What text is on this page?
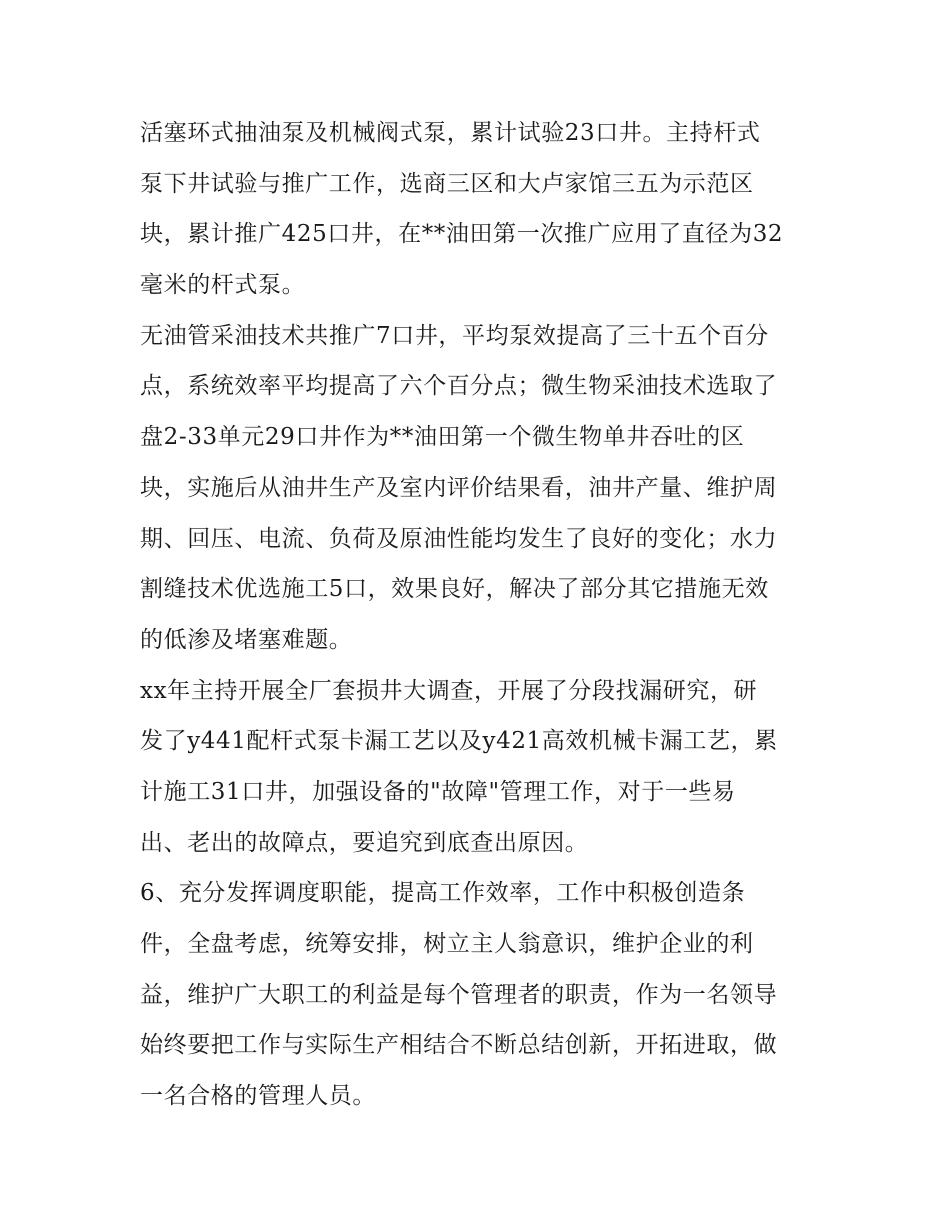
活塞环式抽油泵及机械阀式泵，累计试验23口井。主持杆式

泵下井试验与推广工作，选商三区和大卢家馆三五为示范区

块，累计推广425口井，在**油田第一次推广应用了直径为32

毫米的杆式泵。

无油管采油技术共推广7口井，平均泵效提高了三十五个百分

点，系统效率平均提高了六个百分点；微生物采油技术选取了

盘2-33单元29口井作为**油田第一个微生物单井吞吐的区

块，实施后从油井生产及室内评价结果看，油井产量、维护周

期、回压、电流、负荷及原油性能均发生了良好的变化；水力

割缝技术优选施工5口，效果良好，解决了部分其它措施无效

的低渗及堵塞难题。

xx年主持开展全厂套损井大调查，开展了分段找漏研究，研

发了y441配杆式泵卡漏工艺以及y421高效机械卡漏工艺，累

计施工31口井，加强设备的"故障"管理工作，对于一些易

出、老出的故障点，要追究到底查出原因。

6、充分发挥调度职能，提高工作效率，工作中积极创造条

件，全盘考虑，统筹安排，树立主人翁意识，维护企业的利

益，维护广大职工的利益是每个管理者的职责，作为一名领导

始终要把工作与实际生产相结合不断总结创新，开拓进取，做

一名合格的管理人员。
